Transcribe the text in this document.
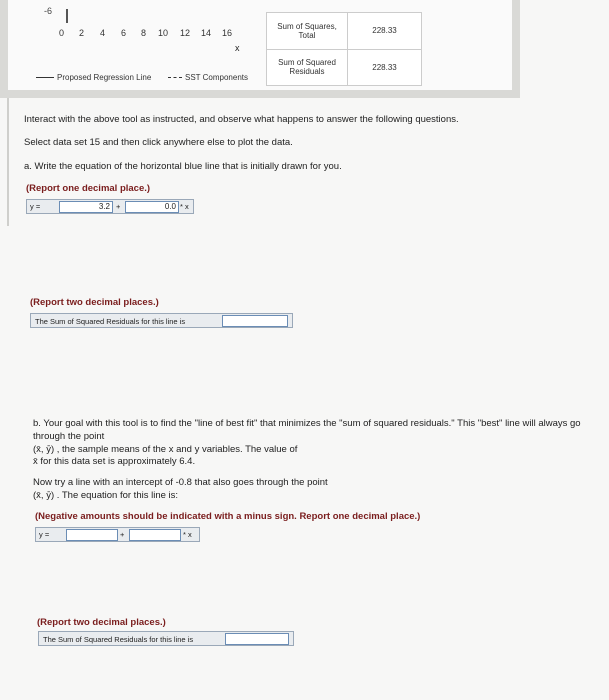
-6
0 2 4 6 8 10 12 14 16
x
Proposed Regression Line	SST Components
Sum of Squares, Total	228.33
Sum of Squared Residuals	228.33
Interact with the above tool as instructed, and observe what happens to answer the following questions.
Select data set 15 and then click anywhere else to plot the data.
a. Write the equation of the horizontal blue line that is initially drawn for you.
(Report one decimal place.)
y =	3.2 +	0.0 * x
(Report two decimal places.)
The Sum of Squared Residuals for this line is
b. Your goal with this tool is to find the "line of best fit" that minimizes the "sum of squared residuals." This "best" line will always go
through the point
(x̄, ȳ) , the sample means of the x and y variables. The value of
x̄ for this data set is approximately 6.4.
Now try a line with an intercept of -0.8 that also goes through the point
(x̄, ȳ) . The equation for this line is:
(Negative amounts should be indicated with a minus sign. Report one decimal place.)
y =	+	* x
(Report two decimal places.)
The Sum of Squared Residuals for this line is
